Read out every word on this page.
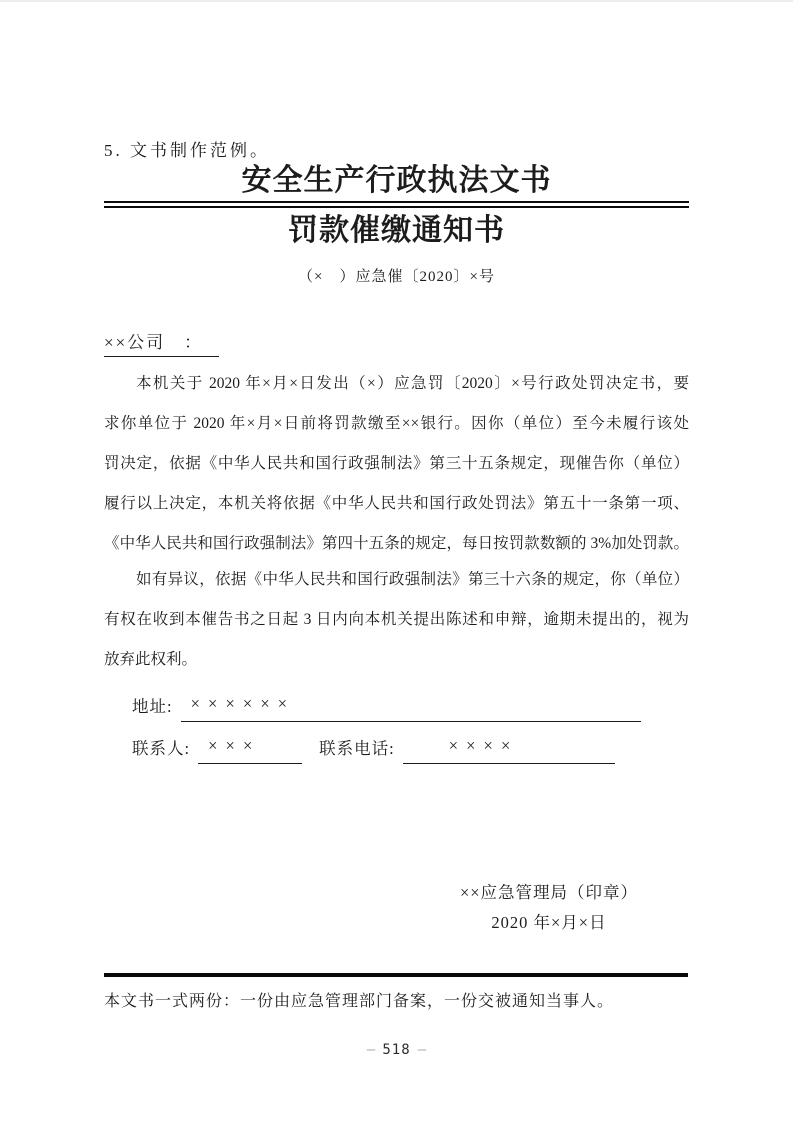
5. 文书制作范例。
安全生产行政执法文书
罚款催缴通知书
（×　）应急催〔2020〕×号
××公司　：
本机关于 2020 年×月×日发出（×）应急罚〔2020〕×号行政处罚决定书，要
求你单位于 2020 年×月×日前将罚款缴至××银行。因你（单位）至今未履行该处
罚决定，依据《中华人民共和国行政强制法》第三十五条规定，现催告你（单位）
履行以上决定，本机关将依据《中华人民共和国行政处罚法》第五十一条第一项、
《中华人民共和国行政强制法》第四十五条的规定，每日按罚款数额的 3%加处罚款。
如有异议，依据《中华人民共和国行政强制法》第三十六条的规定，你（单位）
有权在收到本催告书之日起 3 日内向本机关提出陈述和申辩，逾期未提出的，视为
放弃此权利。
地址:	× × × × × ×
联系人:	× × ×	联系电话:	× × × ×
××应急管理局（印章）
2020 年×月×日
本文书一式两份：一份由应急管理部门备案，一份交被通知当事人。
— 518 —
